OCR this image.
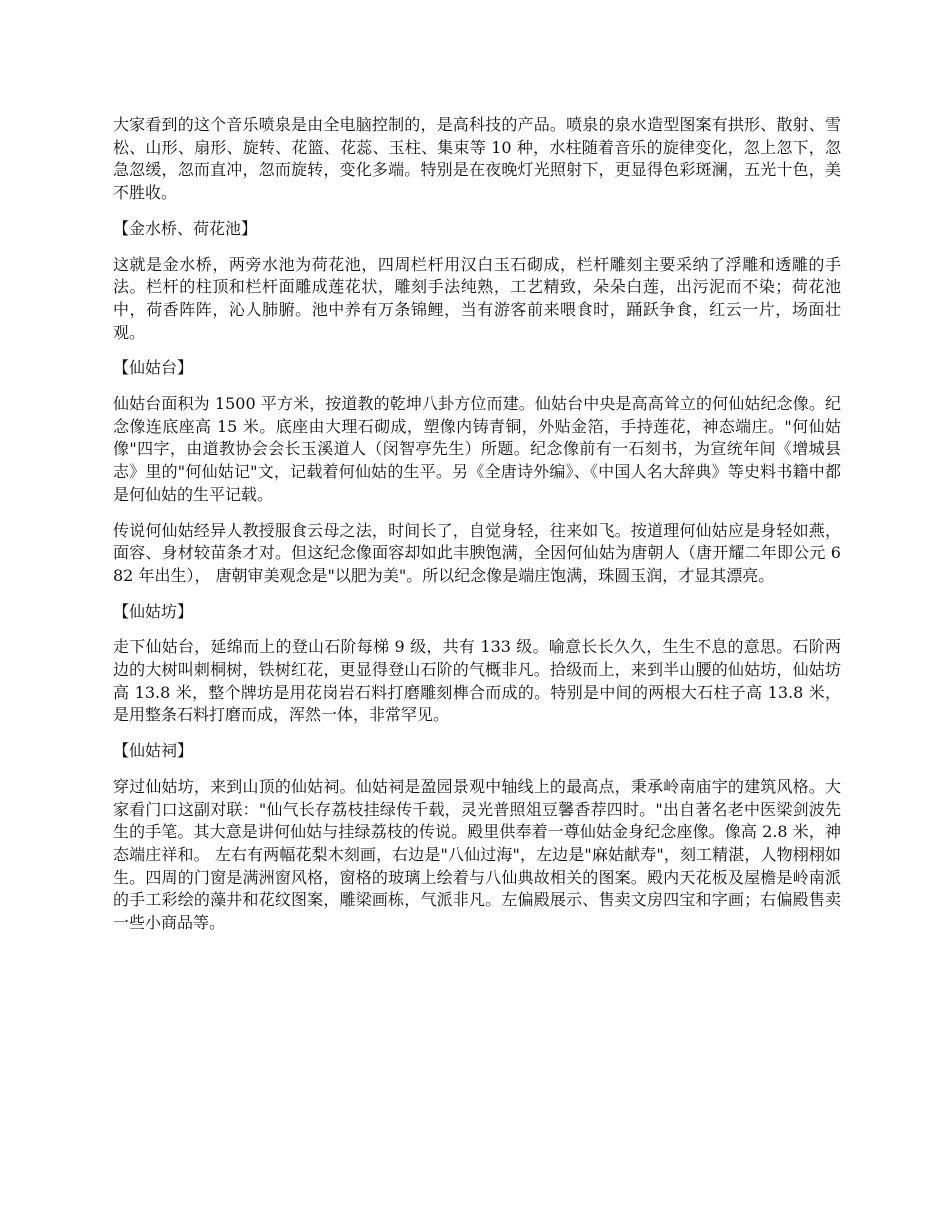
大家看到的这个音乐喷泉是由全电脑控制的，是高科技的产品。喷泉的泉水造型图案有拱形、散射、雪松、山形、扇形、旋转、花篮、花蕊、玉柱、集束等 10 种，水柱随着音乐的旋律变化，忽上忽下，忽急忽缓，忽而直冲，忽而旋转，变化多端。特别是在夜晚灯光照射下，更显得色彩斑澜，五光十色，美不胜收。

【金水桥、荷花池】

这就是金水桥，两旁水池为荷花池，四周栏杆用汉白玉石砌成，栏杆雕刻主要采纳了浮雕和透雕的手法。栏杆的柱顶和栏杆面雕成莲花状，雕刻手法纯熟，工艺精致，朵朵白莲，出污泥而不染；荷花池中，荷香阵阵，沁人肺腑。池中养有万条锦鲤，当有游客前来喂食时，踊跃争食，红云一片，场面壮观。

【仙姑台】

仙姑台面积为 1500 平方米，按道教的乾坤八卦方位而建。仙姑台中央是高高耸立的何仙姑纪念像。纪念像连底座高 15 米。底座由大理石砌成，塑像内铸青铜，外贴金箔，手持莲花，神态端庄。"何仙姑像"四字，由道教协会会长玉溪道人（闵智亭先生）所题。纪念像前有一石刻书，为宣统年间《增城县志》里的"何仙姑记"文，记载着何仙姑的生平。另《全唐诗外编》、《中国人名大辞典》等史料书籍中都是何仙姑的生平记载。

传说何仙姑经异人教授服食云母之法，时间长了，自觉身轻，往来如飞。按道理何仙姑应是身轻如燕，面容、身材较苗条才对。但这纪念像面容却如此丰腴饱满，全因何仙姑为唐朝人（唐开耀二年即公元 682 年出生）， 唐朝审美观念是"以肥为美"。所以纪念像是端庄饱满，珠圆玉润，才显其漂亮。

【仙姑坊】

走下仙姑台，延绵而上的登山石阶每梯 9 级，共有 133 级。喻意长长久久，生生不息的意思。石阶两边的大树叫刺桐树，铁树红花，更显得登山石阶的气概非凡。拾级而上，来到半山腰的仙姑坊，仙姑坊高 13.8 米，整个牌坊是用花岗岩石料打磨雕刻榫合而成的。特别是中间的两根大石柱子高 13.8 米，是用整条石料打磨而成，浑然一体，非常罕见。

【仙姑祠】

穿过仙姑坊，来到山顶的仙姑祠。仙姑祠是盈园景观中轴线上的最高点，秉承岭南庙宇的建筑风格。大家看门口这副对联："仙气长存荔枝挂绿传千载，灵光普照俎豆馨香荐四时。"出自著名老中医梁剑波先生的手笔。其大意是讲何仙姑与挂绿荔枝的传说。殿里供奉着一尊仙姑金身纪念座像。像高 2.8 米，神态端庄祥和。 左右有两幅花梨木刻画，右边是"八仙过海"，左边是"麻姑献寿"，刻工精湛，人物栩栩如生。四周的门窗是满洲窗风格，窗格的玻璃上绘着与八仙典故相关的图案。殿内天花板及屋檐是岭南派的手工彩绘的藻井和花纹图案，雕梁画栋，气派非凡。左偏殿展示、售卖文房四宝和字画；右偏殿售卖一些小商品等。
